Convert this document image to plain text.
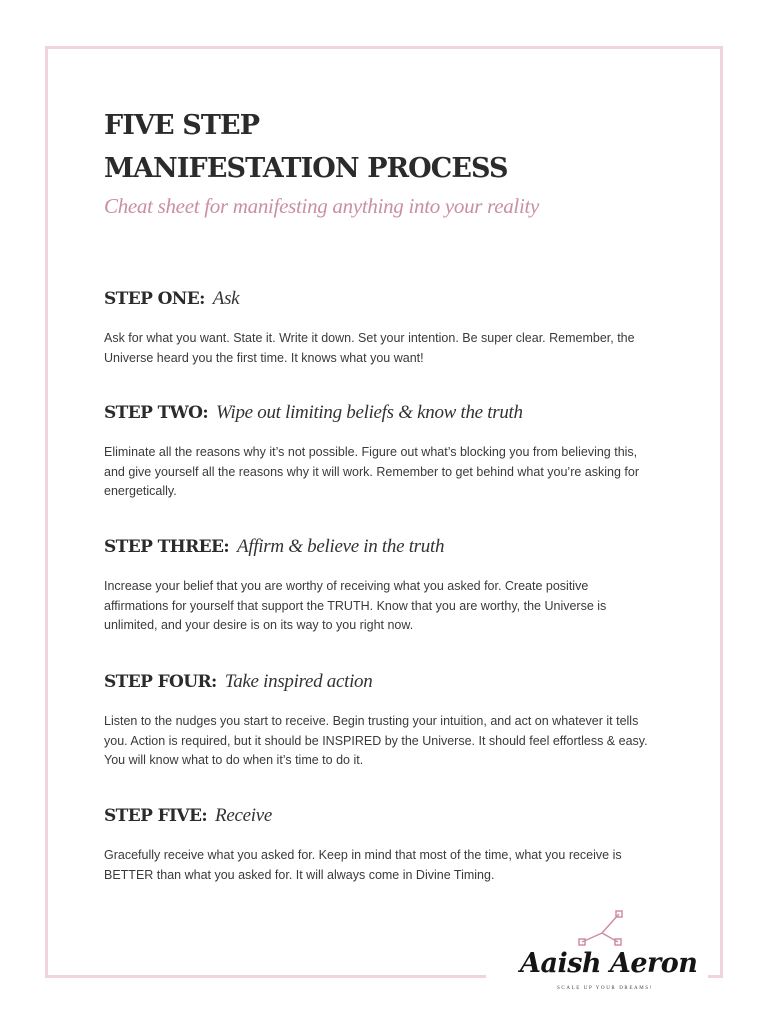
FIVE STEP
MANIFESTATION PROCESS
Cheat sheet for manifesting anything into your reality
STEP ONE: Ask
Ask for what you want. State it. Write it down. Set your intention. Be super clear. Remember, the Universe heard you the first time. It knows what you want!
STEP TWO: Wipe out limiting beliefs & know the truth
Eliminate all the reasons why it’s not possible. Figure out what’s blocking you from believing this, and give yourself all the reasons why it will work. Remember to get behind what you’re asking for energetically.
STEP THREE: Affirm & believe in the truth
Increase your belief that you are worthy of receiving what you asked for. Create positive affirmations for yourself that support the TRUTH. Know that you are worthy, the Universe is unlimited, and your desire is on its way to you right now.
STEP FOUR: Take inspired action
Listen to the nudges you start to receive. Begin trusting your intuition, and act on whatever it tells you. Action is required, but it should be INSPIRED by the Universe. It should feel effortless & easy. You will know what to do when it’s time to do it.
STEP FIVE: Receive
Gracefully receive what you asked for. Keep in mind that most of the time, what you receive is BETTER than what you asked for. It will always come in Divine Timing.
Aaish Aeron
SCALE UP YOUR DREAMS!
